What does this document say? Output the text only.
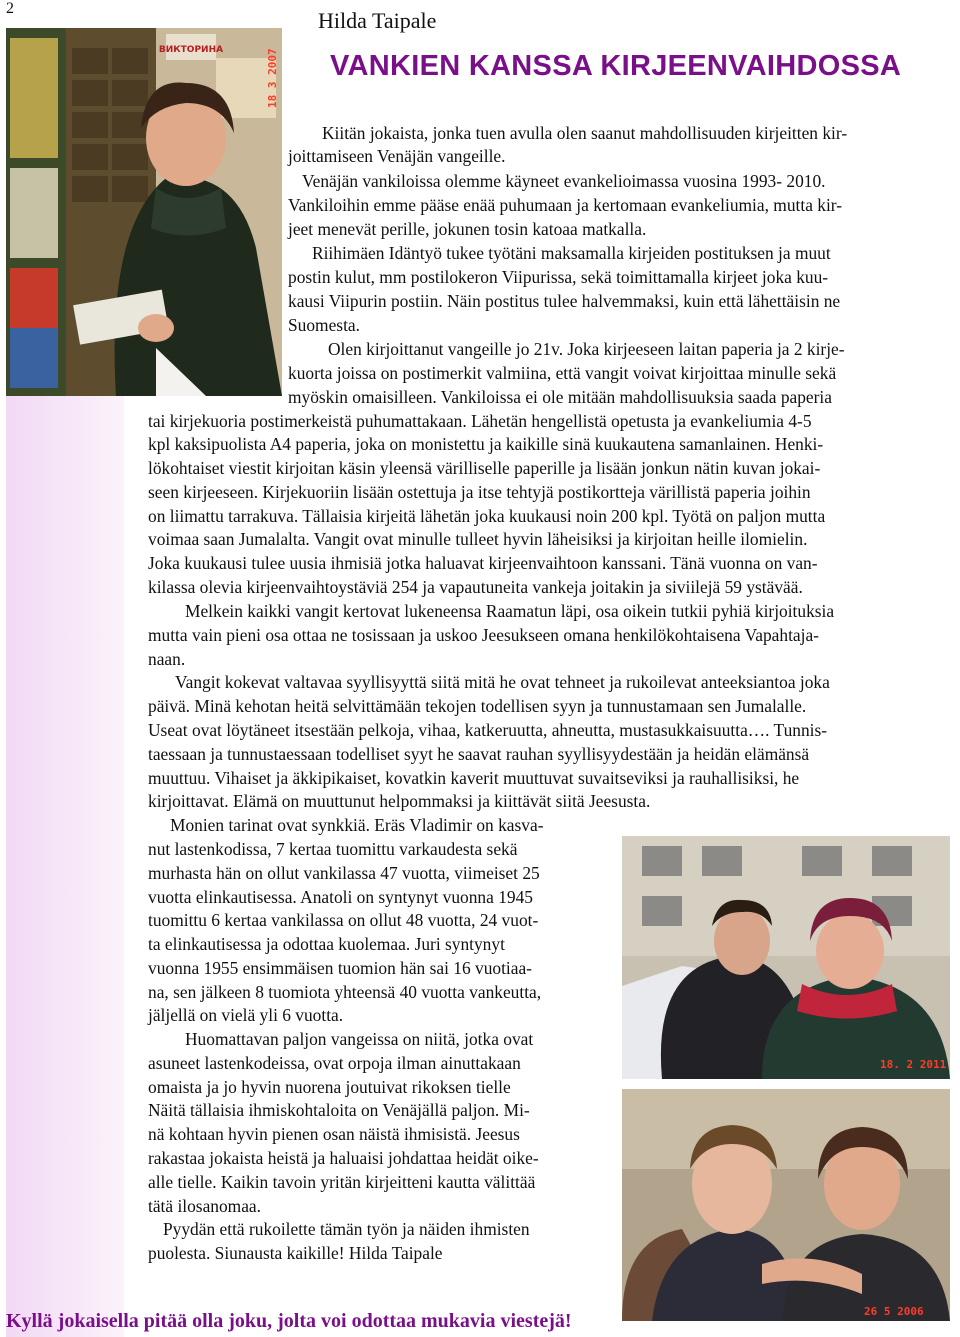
2	Hilda Taipale
VANKIEN KANSSA KIRJEENVAIHDOSSA
ВИКТОРИНА	18 3 2007
18. 2 2011
26 5 2006

Kiitän jokaista, jonka tuen avulla olen saanut mahdollisuuden kirjeitten kir-

joittamiseen Venäjän vangeille.

Venäjän vankiloissa olemme käyneet evankelioimassa vuosina 1993- 2010.

Vankiloihin emme pääse enää puhumaan ja kertomaan evankeliumia, mutta kir-

jeet menevät perille, jokunen tosin katoaa matkalla.

Riihimäen Idäntyö tukee työtäni maksamalla kirjeiden postituksen ja muut

postin kulut, mm postilokeron Viipurissa, sekä toimittamalla kirjeet joka kuu-

kausi Viipurin postiin. Näin postitus tulee halvemmaksi, kuin että lähettäisin ne

Suomesta.

Olen kirjoittanut vangeille jo 21v. Joka kirjeeseen laitan paperia ja 2 kirje-

kuorta joissa on postimerkit valmiina, että vangit voivat kirjoittaa minulle sekä

myöskin omaisilleen. Vankiloissa ei ole mitään mahdollisuuksia saada paperia

tai kirjekuoria postimerkeistä puhumattakaan. Lähetän hengellistä opetusta ja evankeliumia 4-5

kpl kaksipuolista A4 paperia, joka on monistettu ja kaikille sinä kuukautena samanlainen. Henki-

lökohtaiset viestit kirjoitan käsin yleensä värilliselle paperille ja lisään jonkun nätin kuvan jokai-

seen kirjeeseen. Kirjekuoriin lisään ostettuja ja itse tehtyjä postikortteja värillistä paperia joihin

on liimattu tarrakuva. Tällaisia kirjeitä lähetän joka kuukausi noin 200 kpl. Työtä on paljon mutta

voimaa saan Jumalalta. Vangit ovat minulle tulleet hyvin läheisiksi ja kirjoitan heille ilomielin.

Joka kuukausi tulee uusia ihmisiä jotka haluavat kirjeenvaihtoon kanssani. Tänä vuonna on van-

kilassa olevia kirjeenvaihtoystäviä 254 ja vapautuneita vankeja joitakin ja siviilejä 59 ystävää.

Melkein kaikki vangit kertovat lukeneensa Raamatun läpi, osa oikein tutkii pyhiä kirjoituksia

mutta vain pieni osa ottaa ne tosissaan ja uskoo Jeesukseen omana henkilökohtaisena Vapahtaja-

naan.

Vangit kokevat valtavaa syyllisyyttä siitä mitä he ovat tehneet ja rukoilevat anteeksiantoa joka

päivä. Minä kehotan heitä selvittämään tekojen todellisen syyn ja tunnustamaan sen Jumalalle.

Useat ovat löytäneet itsestään pelkoja, vihaa, katkeruutta, ahneutta, mustasukkaisuutta…. Tunnis-

taessaan ja tunnustaessaan todelliset syyt he saavat rauhan syyllisyydestään ja heidän elämänsä

muuttuu. Vihaiset ja äkkipikaiset, kovatkin kaverit muuttuvat suvaitseviksi ja rauhallisiksi, he

kirjoittavat. Elämä on muuttunut helpommaksi ja kiittävät siitä Jeesusta.

Monien tarinat ovat synkkiä. Eräs Vladimir on kasva-

nut lastenkodissa, 7 kertaa tuomittu varkaudesta sekä

murhasta hän on ollut vankilassa 47 vuotta, viimeiset 25

vuotta elinkautisessa. Anatoli on syntynyt vuonna 1945

tuomittu 6 kertaa vankilassa on ollut 48 vuotta, 24 vuot-

ta elinkautisessa ja odottaa kuolemaa. Juri syntynyt

vuonna 1955 ensimmäisen tuomion hän sai 16 vuotiaa-

na, sen jälkeen 8 tuomiota yhteensä 40 vuotta vankeutta,

jäljellä on vielä yli 6 vuotta.

Huomattavan paljon vangeissa on niitä, jotka ovat

asuneet lastenkodeissa, ovat orpoja ilman ainuttakaan

omaista ja jo hyvin nuorena joutuivat rikoksen tielle

Näitä tällaisia ihmiskohtaloita on Venäjällä paljon. Mi-

nä kohtaan hyvin pienen osan näistä ihmisistä. Jeesus

rakastaa jokaista heistä ja haluaisi johdattaa heidät oike-

alle tielle. Kaikin tavoin yritän kirjeitteni kautta välittää

tätä ilosanomaa.

Pyydän että rukoilette tämän työn ja näiden ihmisten

puolesta. Siunausta kaikille! Hilda Taipale

Kyllä jokaisella pitää olla joku, jolta voi odottaa mukavia viestejä!
